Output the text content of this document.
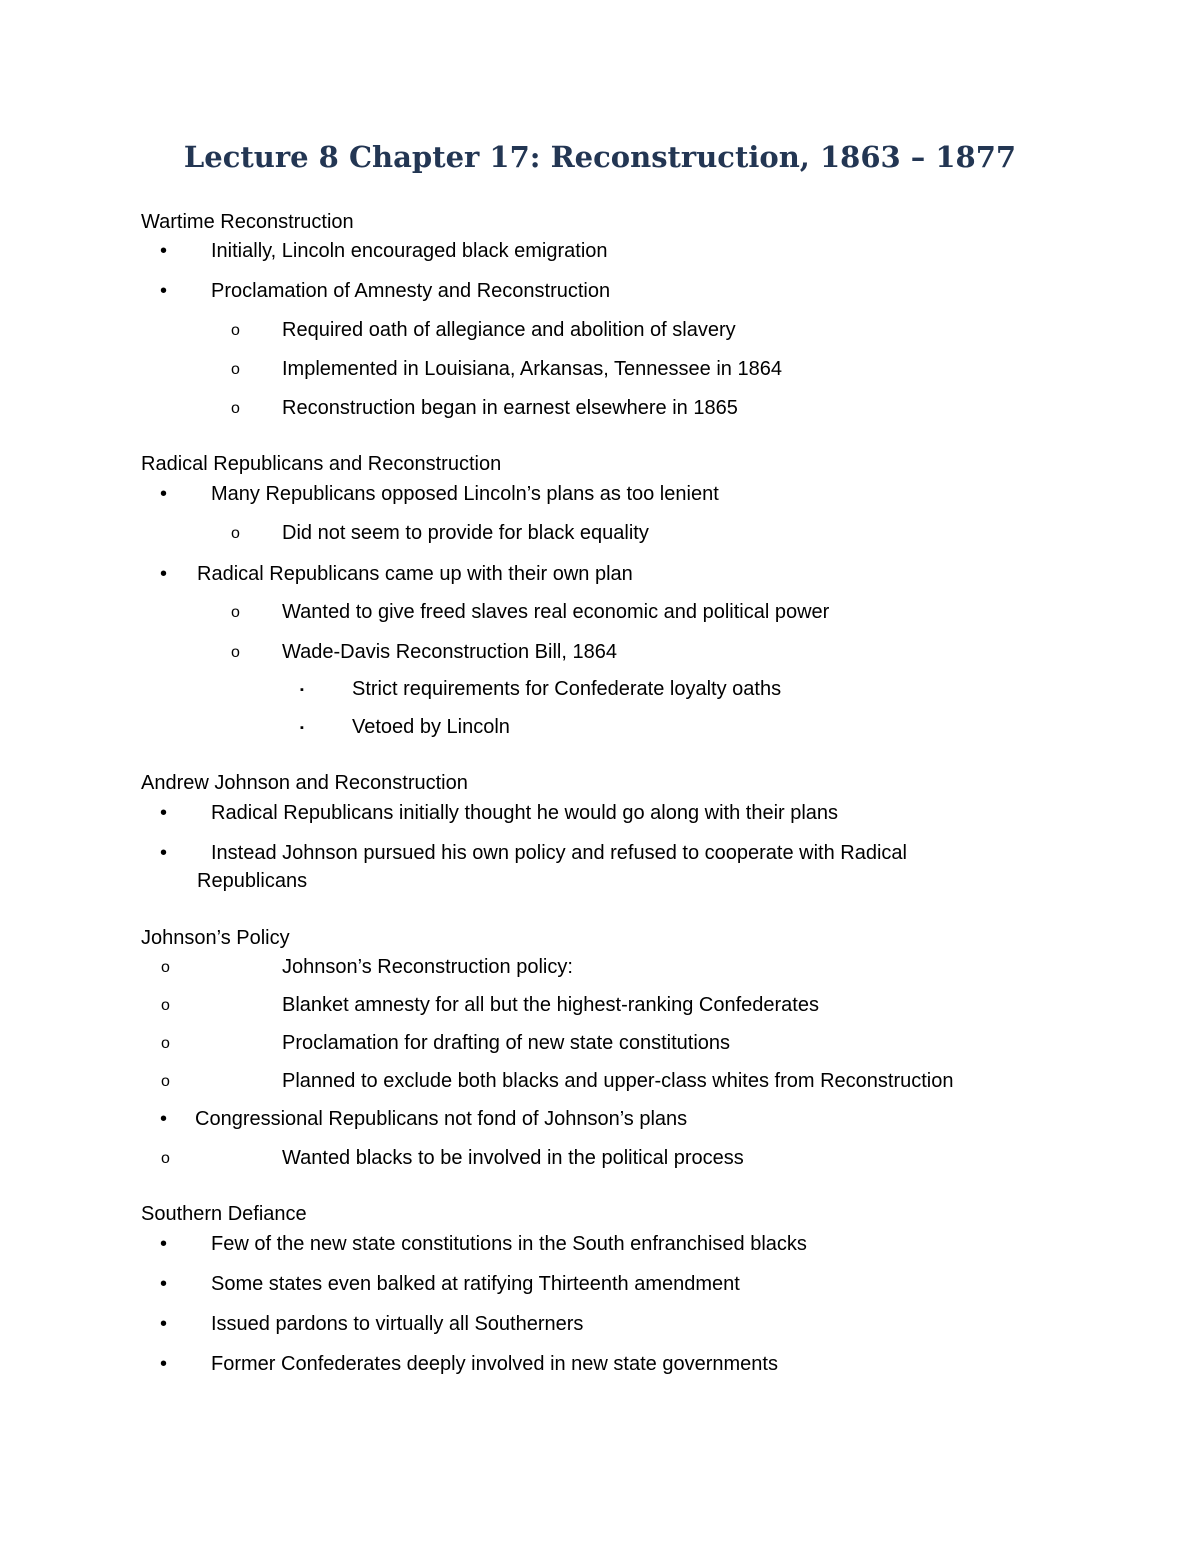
Lecture 8 Chapter 17: Reconstruction, 1863 – 1877
Wartime Reconstruction
• Initially, Lincoln encouraged black emigration
• Proclamation of Amnesty and Reconstruction
o Required oath of allegiance and abolition of slavery
o Implemented in Louisiana, Arkansas, Tennessee in 1864
o Reconstruction began in earnest elsewhere in 1865
Radical Republicans and Reconstruction
• Many Republicans opposed Lincoln’s plans as too lenient
o Did not seem to provide for black equality
• Radical Republicans came up with their own plan
o Wanted to give freed slaves real economic and political power
o Wade-Davis Reconstruction Bill, 1864
▪ Strict requirements for Confederate loyalty oaths
▪ Vetoed by Lincoln
Andrew Johnson and Reconstruction
• Radical Republicans initially thought he would go along with their plans
• Instead Johnson pursued his own policy and refused to cooperate with Radical
Republicans
Johnson’s Policy
o	Johnson’s Reconstruction policy:
o	Blanket amnesty for all but the highest-ranking Confederates
o	Proclamation for drafting of new state constitutions
o	Planned to exclude both blacks and upper-class whites from Reconstruction
• Congressional Republicans not fond of Johnson’s plans
o	Wanted blacks to be involved in the political process
Southern Defiance
• Few of the new state constitutions in the South enfranchised blacks
• Some states even balked at ratifying Thirteenth amendment
• Issued pardons to virtually all Southerners
• Former Confederates deeply involved in new state governments
